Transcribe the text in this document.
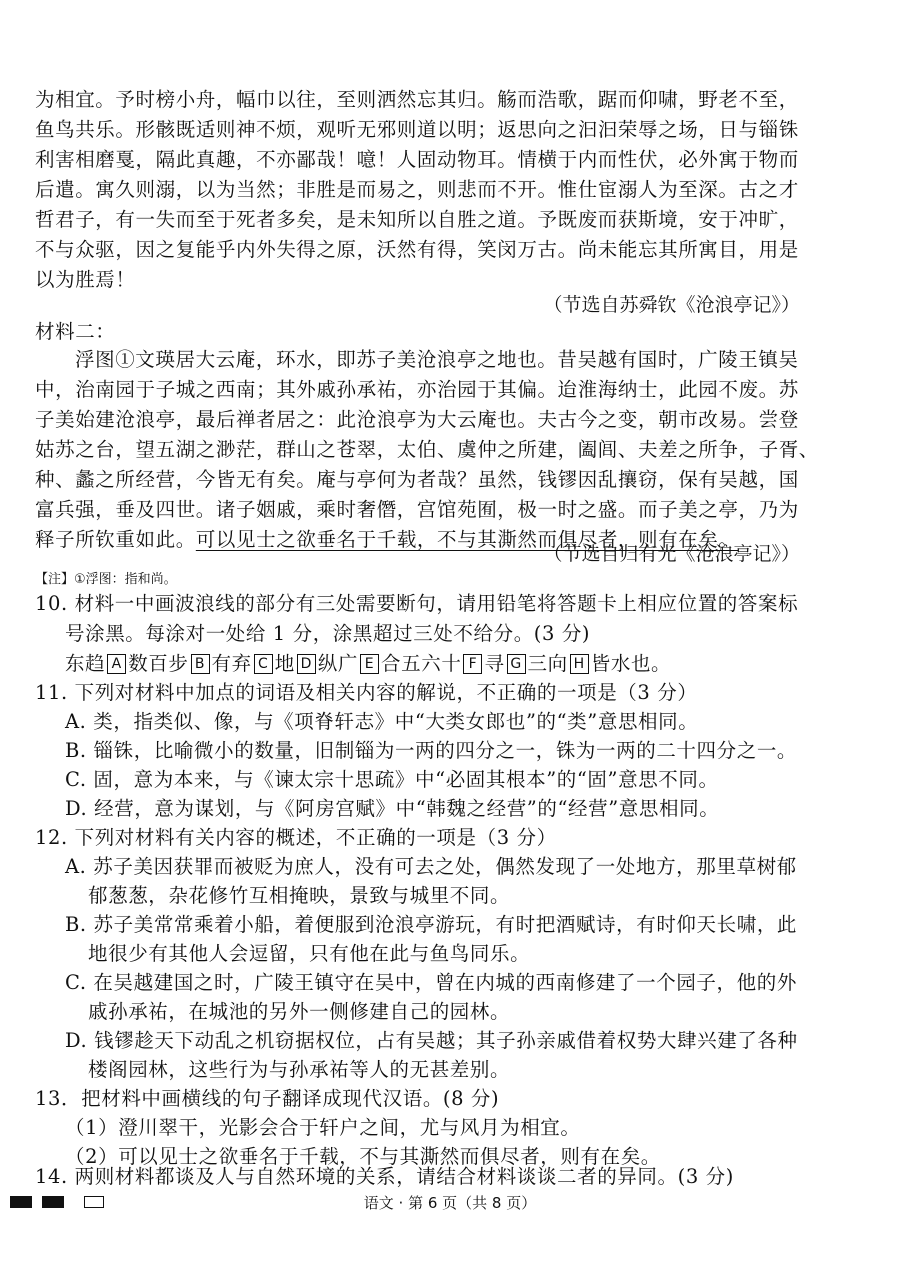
为相宜。予时榜小舟，幅巾以往，至则洒然忘其归。觞而浩歌，踞而仰啸，野老不至，
鱼鸟共乐。形骸既适则神不烦，观听无邪则道以明；返思向之汩汩荣辱之场，日与锱铢
利害相磨戛，隔此真趣，不亦鄙哉！噫！人固动物耳。情横于内而性伏，必外寓于物而
后遣。寓久则溺，以为当然；非胜是而易之，则悲而不开。惟仕宦溺人为至深。古之才
哲君子，有一失而至于死者多矣，是未知所以自胜之道。予既废而获斯境，安于冲旷，
不与众驱，因之复能乎内外失得之原，沃然有得，笑闵万古。尚未能忘其所寓目，用是
以为胜焉！
（节选自苏舜钦《沧浪亭记》）
材料二：
浮图①文瑛居大云庵，环水，即苏子美沧浪亭之地也。昔吴越有国时，广陵王镇吴
中，治南园于子城之西南；其外戚孙承祐，亦治园于其偏。迨淮海纳士，此园不废。苏
子美始建沧浪亭，最后禅者居之：此沧浪亭为大云庵也。夫古今之变，朝市改易。尝登
姑苏之台，望五湖之渺茫，群山之苍翠，太伯、虞仲之所建，阖闾、夫差之所争，子胥、
种、蠡之所经营，今皆无有矣。庵与亭何为者哉？虽然，钱镠因乱攘窃，保有吴越，国
富兵强，垂及四世。诸子姻戚，乘时奢僭，宫馆苑囿，极一时之盛。而子美之亭，乃为
释子所钦重如此。可以见士之欲垂名于千载，不与其澌然而俱尽者，则有在矣。
（节选自归有光《沧浪亭记》）
【注】①浮图：指和尚。
10. 材料一中画波浪线的部分有三处需要断句，请用铅笔将答题卡上相应位置的答案标
号涂黑。每涂对一处给 1 分，涂黑超过三处不给分。(3 分)
东趋 A 数百步 B 有弃 C 地 D 纵广 E 合五六十 F 寻 G 三向 H 皆水也。
11. 下列对材料中加点的词语及相关内容的解说，不正确的一项是（3 分）
A. 类，指类似、像，与《项脊轩志》中“大类女郎也”的“类”意思相同。
B. 锱铢，比喻微小的数量，旧制锱为一两的四分之一，铢为一两的二十四分之一。
C. 固，意为本来，与《谏太宗十思疏》中“必固其根本”的“固”意思不同。
D. 经营，意为谋划，与《阿房宫赋》中“韩魏之经营”的“经营”意思相同。
12. 下列对材料有关内容的概述，不正确的一项是（3 分）
A. 苏子美因获罪而被贬为庶人，没有可去之处，偶然发现了一处地方，那里草树郁
郁葱葱，杂花修竹互相掩映，景致与城里不同。
B. 苏子美常常乘着小船，着便服到沧浪亭游玩，有时把酒赋诗，有时仰天长啸，此
地很少有其他人会逗留，只有他在此与鱼鸟同乐。
C. 在吴越建国之时，广陵王镇守在吴中，曾在内城的西南修建了一个园子，他的外
戚孙承祐，在城池的另外一侧修建自己的园林。
D. 钱镠趁天下动乱之机窃据权位，占有吴越；其子孙亲戚借着权势大肆兴建了各种
楼阁园林，这些行为与孙承祐等人的无甚差别。
13．把材料中画横线的句子翻译成现代汉语。(8 分)
（1）澄川翠干，光影会合于轩户之间，尤与风月为相宜。
（2）可以见士之欲垂名于千载，不与其澌然而俱尽者，则有在矣。
14. 两则材料都谈及人与自然环境的关系，请结合材料谈谈二者的异同。(3 分)
语文 · 第 6 页（共 8 页）
